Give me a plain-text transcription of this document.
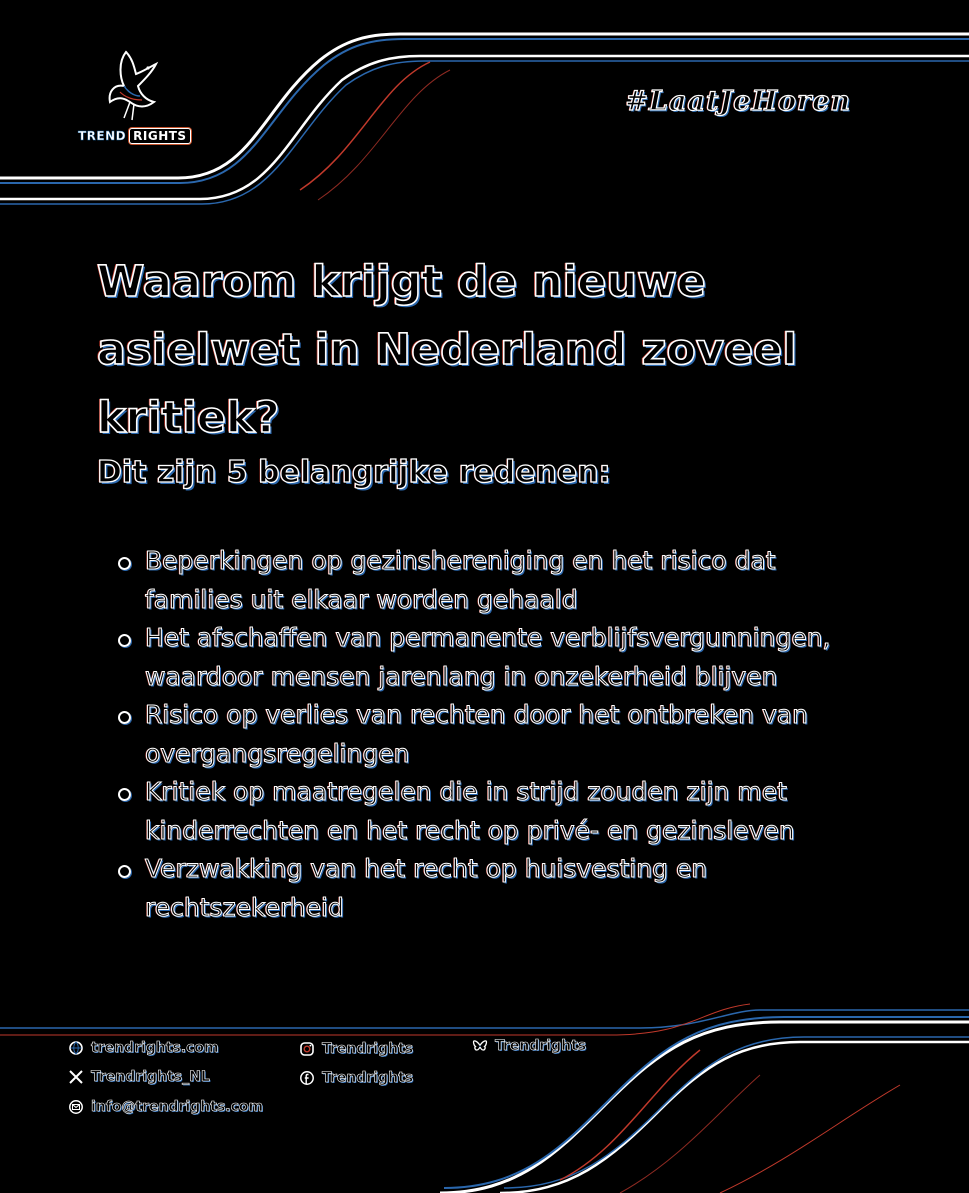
TREND RIGHTS
#LaatJeHoren
Waarom krijgt de nieuwe asielwet in Nederland zoveel kritiek?
Dit zijn 5 belangrijke redenen:
Beperkingen op gezinshereniging en het risico dat families uit elkaar worden gehaald
Het afschaffen van permanente verblijfsvergunningen, waardoor mensen jarenlang in onzekerheid blijven
Risico op verlies van rechten door het ontbreken van overgangsregelingen
Kritiek op maatregelen die in strijd zouden zijn met kinderrechten en het recht op privé- en gezinsleven
Verzwakking van het recht op huisvesting en rechtszekerheid
trendrights.com
Trendrights_NL
info@trendrights.com
Trendrights
Trendrights
Trendrights
